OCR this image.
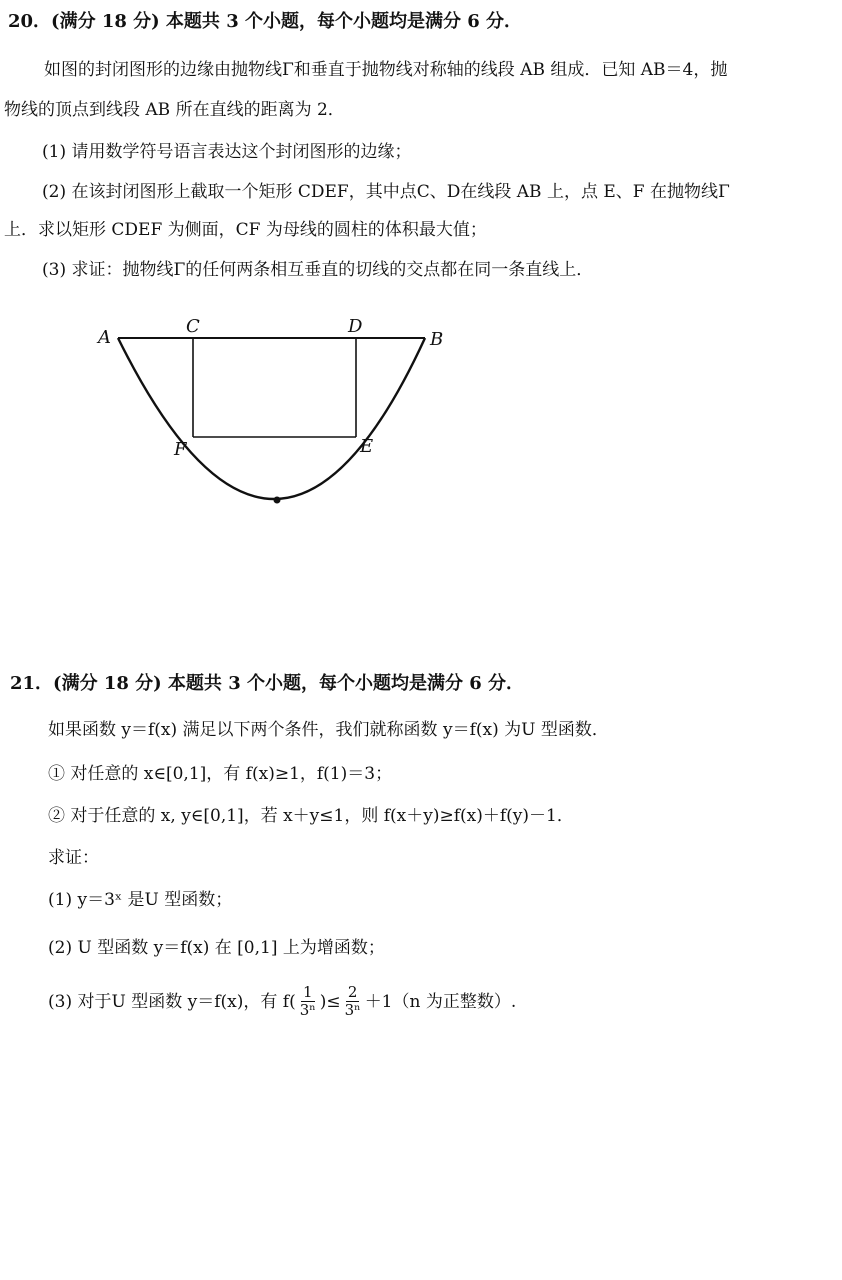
20．(满分 18 分) 本题共 3 个小题，每个小题均是满分 6 分．
如图的封闭图形的边缘由抛物线Γ和垂直于抛物线对称轴的线段 AB 组成．已知 AB＝4，抛
物线的顶点到线段 AB 所在直线的距离为 2．
(1) 请用数学符号语言表达这个封闭图形的边缘；
(2) 在该封闭图形上截取一个矩形 CDEF，其中点C、D在线段 AB 上，点 E、F 在抛物线Γ
上．求以矩形 CDEF 为侧面，CF 为母线的圆柱的体积最大值；
(3) 求证：抛物线Γ的任何两条相互垂直的切线的交点都在同一条直线上．
A
C	D
B
F	E
21．(满分 18 分) 本题共 3 个小题，每个小题均是满分 6 分．
如果函数 y＝f(x) 满足以下两个条件，我们就称函数 y＝f(x) 为U 型函数．
① 对任意的 x∈[0,1]，有 f(x)≥1，f(1)＝3；
② 对于任意的 x, y∈[0,1]，若 x＋y≤1，则 f(x＋y)≥f(x)＋f(y)－1．
求证：
(1) y＝3ˣ 是U 型函数；
(2) U 型函数 y＝f(x) 在 [0,1] 上为增函数；
(3) 对于U 型函数 y＝f(x)，有 $f( \frac{1}{\text{3ⁿ}}$ )≤ $\frac{2}{\text{3ⁿ}} +1(n$ 为正整数）.
